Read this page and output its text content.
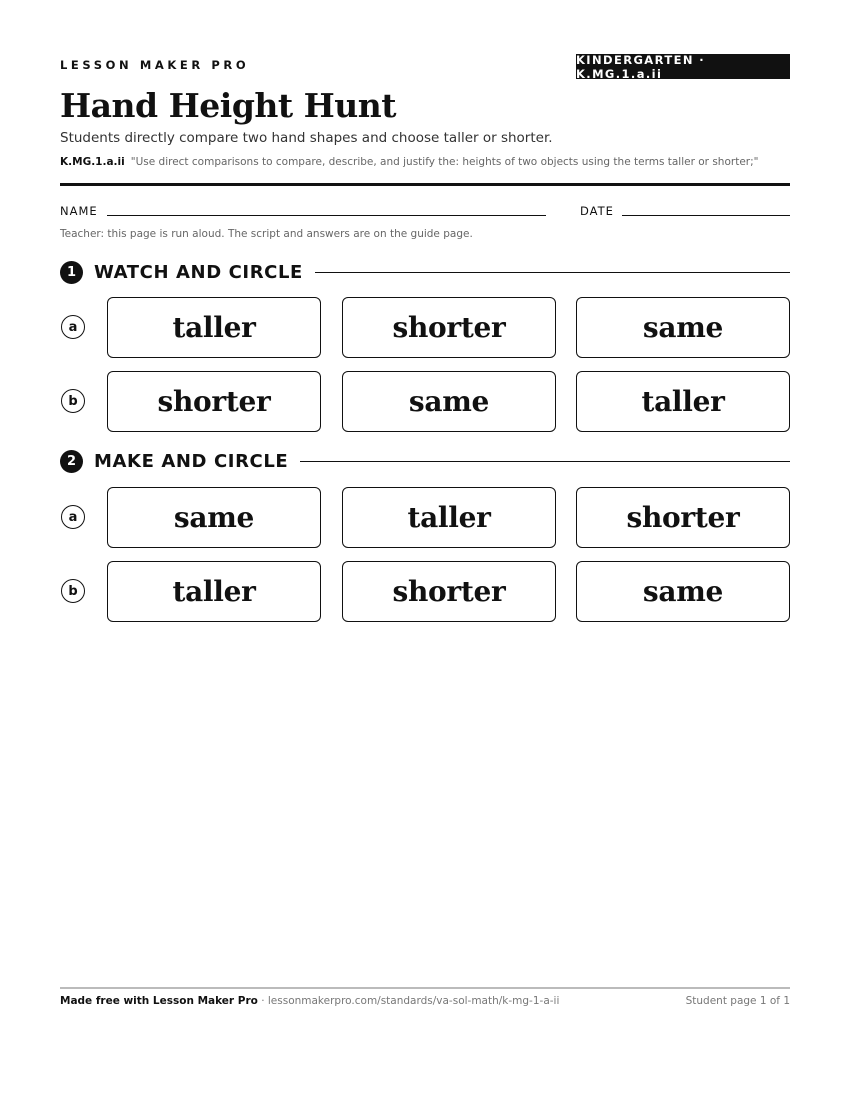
LESSON MAKER PRO	KINDERGARTEN · K.MG.1.a.ii
Hand Height Hunt
Students directly compare two hand shapes and choose taller or shorter.
K.MG.1.a.ii "Use direct comparisons to compare, describe, and justify the: heights of two objects using the terms taller or shorter;"
NAME	DATE
Teacher: this page is run aloud. The script and answers are on the guide page.
1 WATCH AND CIRCLE
a	taller	shorter	same
b	shorter	same	taller
2 MAKE AND CIRCLE
a	same	taller	shorter
b	taller	shorter	same
Made free with Lesson Maker Pro · lessonmakerpro.com/standards/va-sol-math/k-mg-1-a-ii	Student page 1 of 1
